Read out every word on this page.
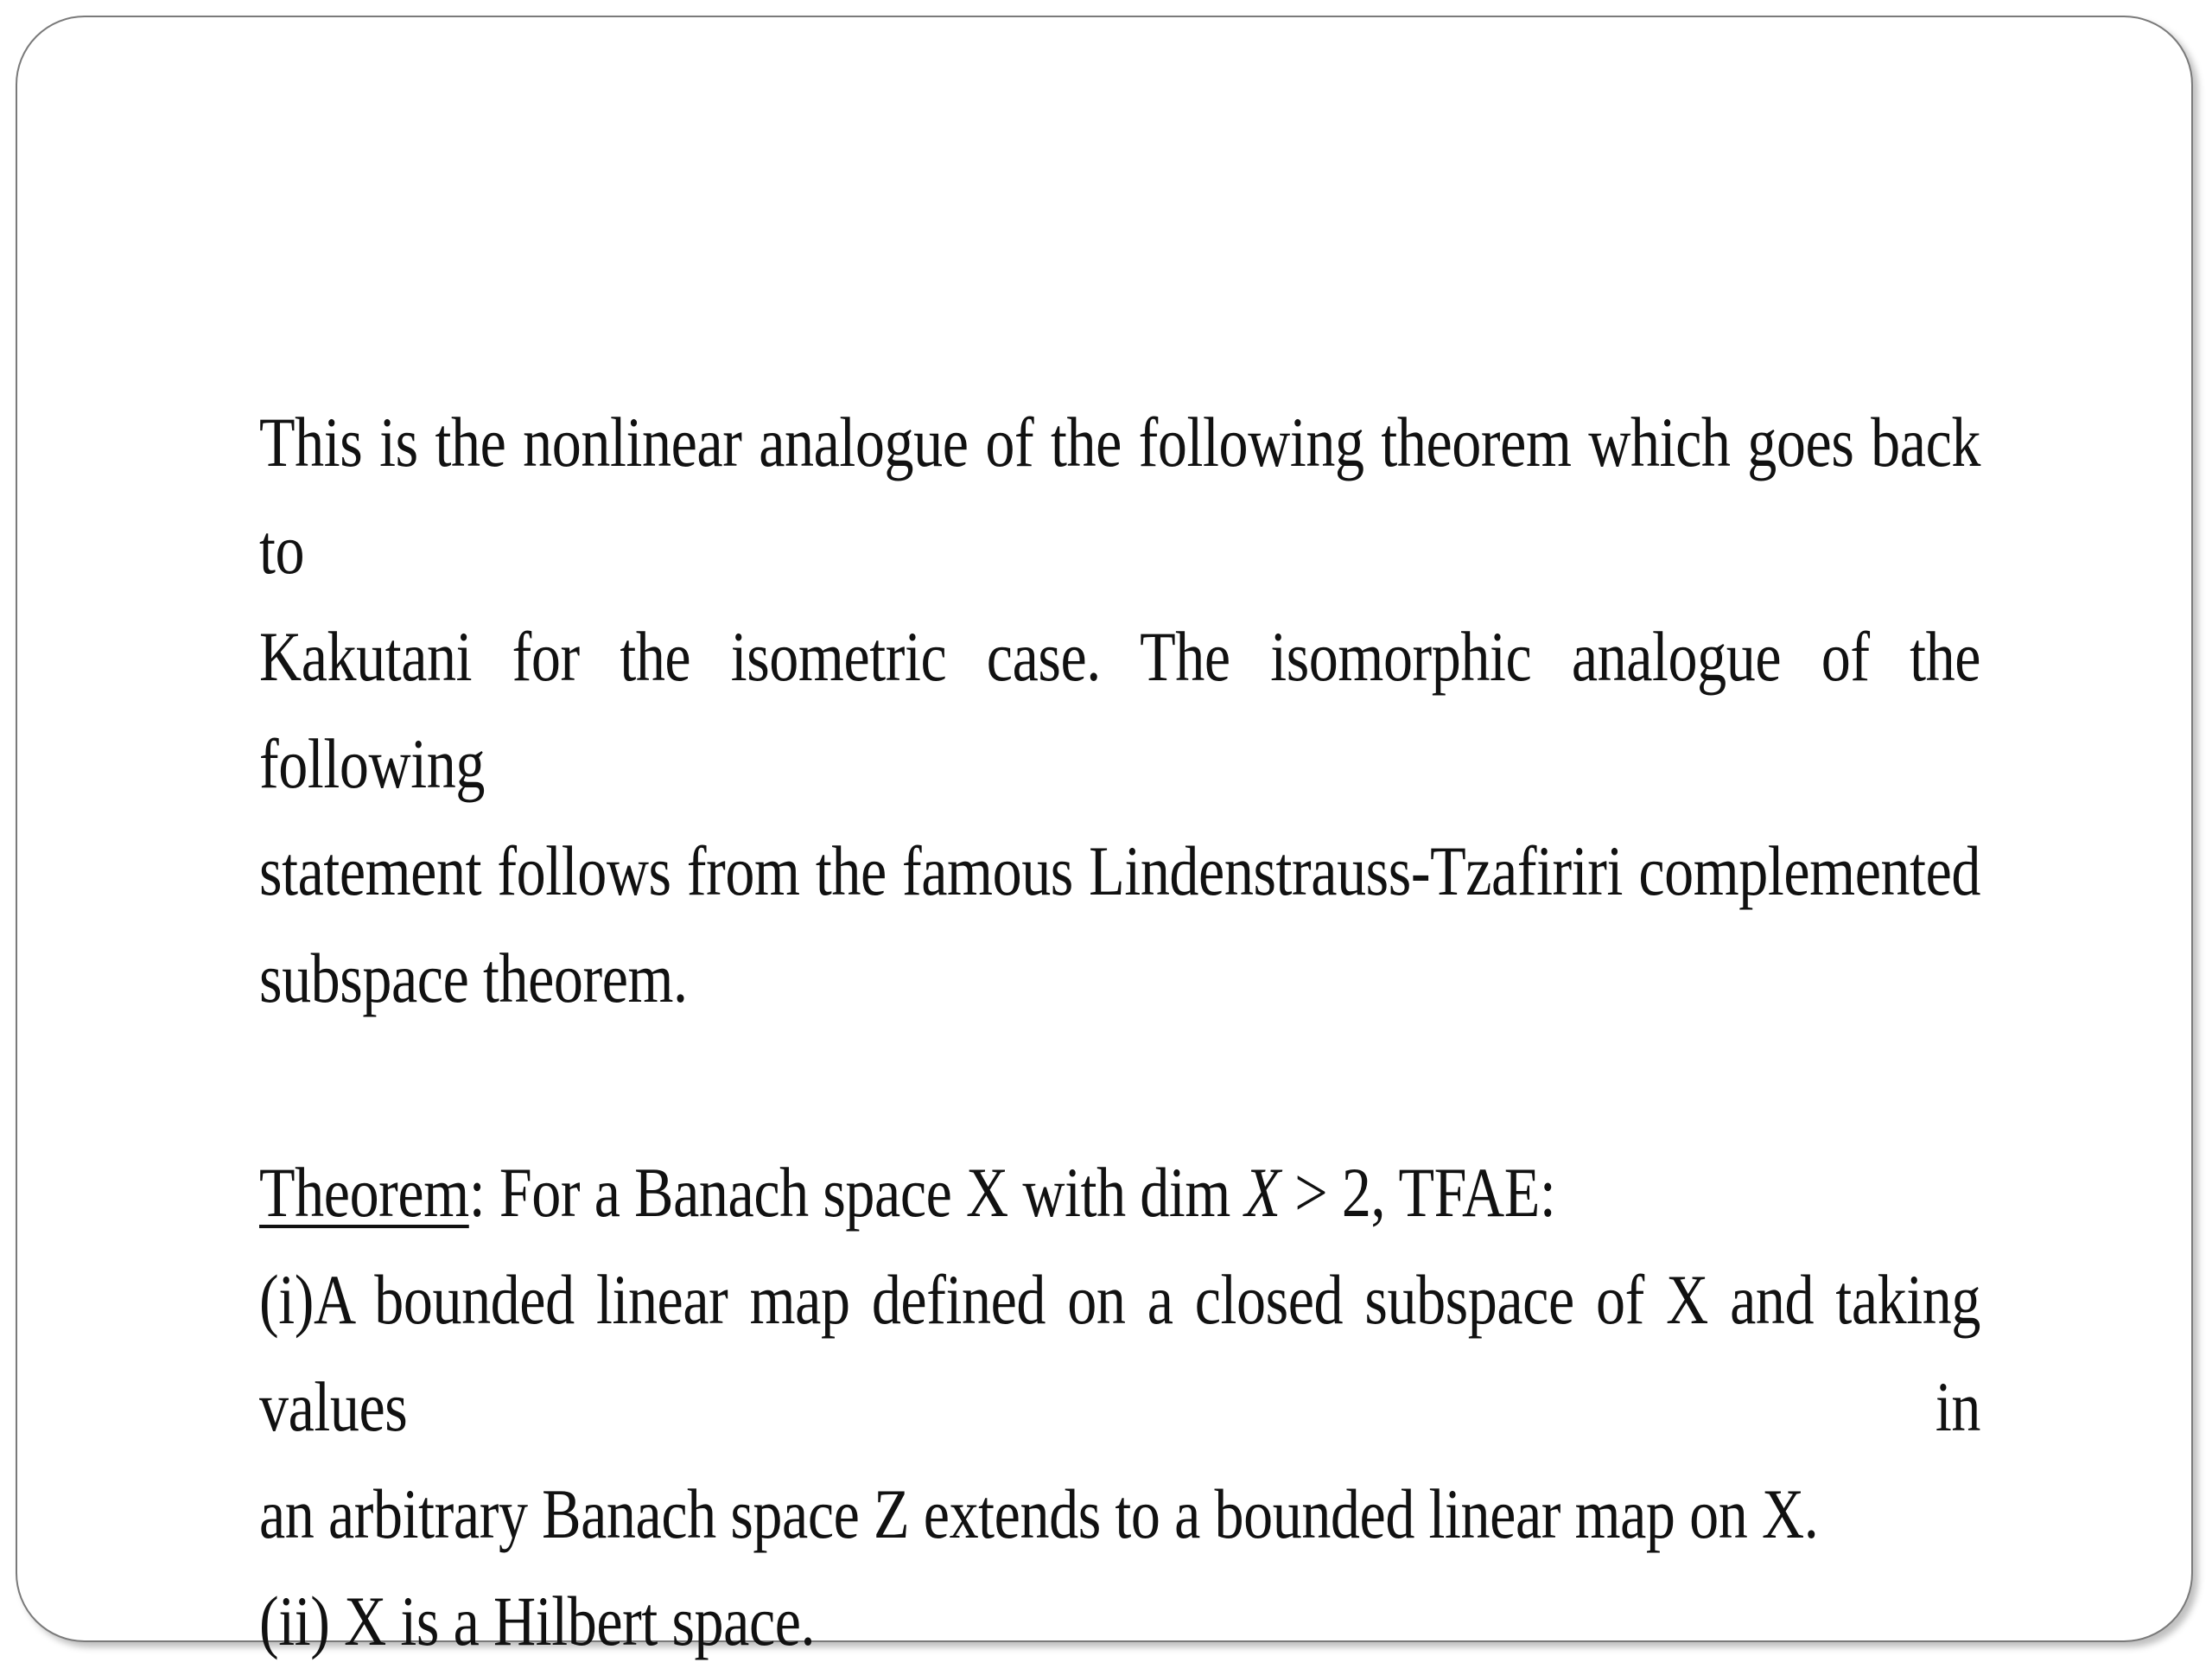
This is the nonlinear analogue of the following theorem which goes back to

Kakutani for the isometric case. The isomorphic analogue of the following

statement follows from the famous Lindenstrauss-Tzafiriri complemented

subspace theorem.

Theorem: For a Banach space X with dim X > 2, TFAE:

(i)A bounded linear map defined on a closed subspace of X and taking values in

an arbitrary Banach space Z extends to a bounded linear map on X.

(ii) X is a Hilbert space.
